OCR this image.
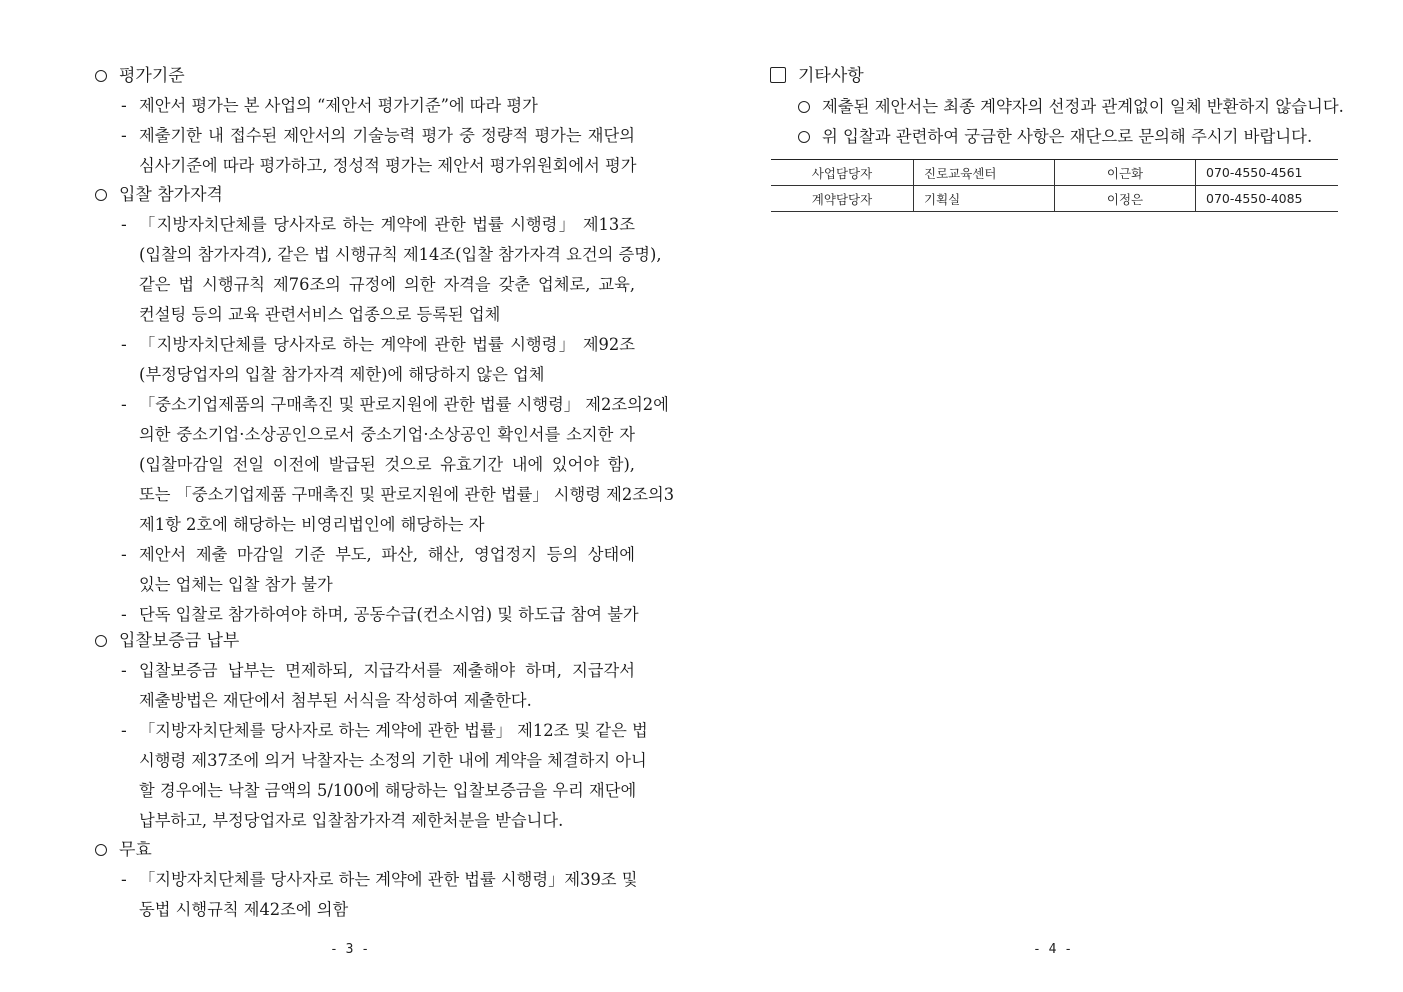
평가기준
- 제안서 평가는 본 사업의 “제안서 평가기준”에 따라 평가
- 제출기한 내 접수된 제안서의 기술능력 평가 중 정량적 평가는 재단의
심사기준에 따라 평가하고, 정성적 평가는 제안서 평가위원회에서 평가
입찰 참가자격
- 「지방자치단체를 당사자로 하는 계약에 관한 법률 시행령」 제13조
(입찰의 참가자격), 같은 법 시행규칙 제14조(입찰 참가자격 요건의 증명),
같은 법 시행규칙 제76조의 규정에 의한 자격을 갖춘 업체로, 교육,
컨설팅 등의 교육 관련서비스 업종으로 등록된 업체
- 「지방자치단체를 당사자로 하는 계약에 관한 법률 시행령」 제92조
(부정당업자의 입찰 참가자격 제한)에 해당하지 않은 업체
- 「중소기업제품의 구매촉진 및 판로지원에 관한 법률 시행령」 제2조의2에
의한 중소기업·소상공인으로서 중소기업·소상공인 확인서를 소지한 자
(입찰마감일 전일 이전에 발급된 것으로 유효기간 내에 있어야 함),
또는 「중소기업제품 구매촉진 및 판로지원에 관한 법률」 시행령 제2조의3
제1항 2호에 해당하는 비영리법인에 해당하는 자
- 제안서 제출 마감일 기준 부도, 파산, 해산, 영업정지 등의 상태에
있는 업체는 입찰 참가 불가
- 단독 입찰로 참가하여야 하며, 공동수급(컨소시엄) 및 하도급 참여 불가
입찰보증금 납부
- 입찰보증금 납부는 면제하되, 지급각서를 제출해야 하며, 지급각서
제출방법은 재단에서 첨부된 서식을 작성하여 제출한다.
- 「지방자치단체를 당사자로 하는 계약에 관한 법률」 제12조 및 같은 법
시행령 제37조에 의거 낙찰자는 소정의 기한 내에 계약을 체결하지 아니
할 경우에는 낙찰 금액의 5/100에 해당하는 입찰보증금을 우리 재단에
납부하고, 부정당업자로 입찰참가자격 제한처분을 받습니다.
무효
- 「지방자치단체를 당사자로 하는 계약에 관한 법률 시행령」제39조 및
동법 시행규칙 제42조에 의함
- 3 -
기타사항
제출된 제안서는 최종 계약자의 선정과 관계없이 일체 반환하지 않습니다.
위 입찰과 관련하여 궁금한 사항은 재단으로 문의해 주시기 바랍니다.
사업담당자	진로교육센터	이근화	070-4550-4561
계약담당자	기획실	이정은	070-4550-4085
- 4 -
